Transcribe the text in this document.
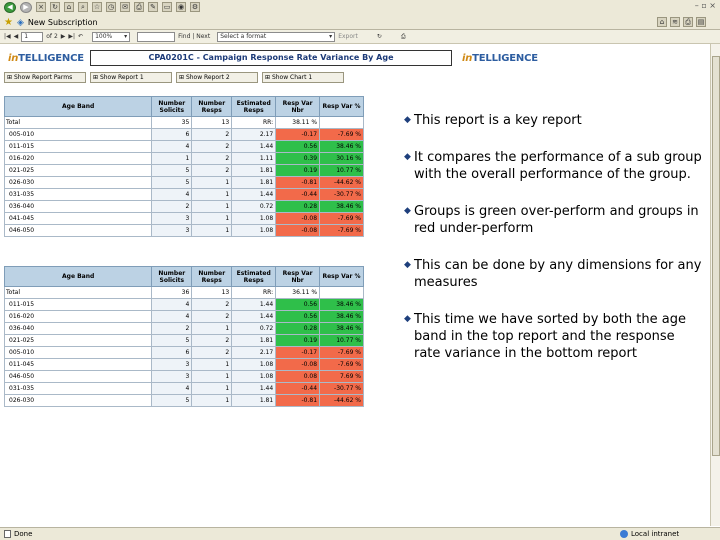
◀	▶	× ↻	⌂	⌕	☆ ◷ ✉	⎙	✎ ▭ ◉ ⚙	– ▫ ×
★ ◈ New Subscription	⌂	≋	⎙ ▤
|◀ ◀	1	of 2 ▶ ▶| ↶ 100% ▾	Find | Next Select a format	▾ Export	↻	⎙
inTELLIGENCE	CPA0201C - Campaign Response Rate Variance By Age	inTELLIGENCE
⊞ Show Report Parms	⊞ Show Report 1	⊞ Show Report 2	⊞ Show Chart 1
Age Band	Number Solicits	Number Resps	Estimated Resps	Resp Var Nbr	Resp Var %
Total	35	13	RR:	38.11 %	
005-010	6	2	2.17	-0.17	-7.69 %
011-015	4	2	1.44	0.56	38.46 %
016-020	1	2	1.11	0.39	30.16 %
021-025	5	2	1.81	0.19	10.77 %
026-030	5	1	1.81	-0.81	-44.62 %
031-035	4	1	1.44	-0.44	-30.77 %
036-040	2	1	0.72	0.28	38.46 %
041-045	3	1	1.08	-0.08	-7.69 %
046-050	3	1	1.08	-0.08	-7.69 %
Age Band	Number Solicits	Number Resps	Estimated Resps	Resp Var Nbr	Resp Var %
Total	36	13	RR:	36.11 %	
011-015	4	2	1.44	0.56	38.46 %
016-020	4	2	1.44	0.56	38.46 %
036-040	2	1	0.72	0.28	38.46 %
021-025	5	2	1.81	0.19	10.77 %
005-010	6	2	2.17	-0.17	-7.69 %
011-045	3	1	1.08	-0.08	-7.69 %
046-050	3	1	1.08	0.08	7.69 %
031-035	4	1	1.44	-0.44	-30.77 %
026-030	5	1	1.81	-0.81	-44.62 %
◆ This report is a key report
◆ It compares the performance of a sub group with the overall performance of the group.
◆ Groups is green over-perform and groups in red under-perform
◆ This can be done by any dimensions for any measures
◆ This time we have sorted by both the age band in the top report and the response rate variance in the bottom report
Done	Local intranet
